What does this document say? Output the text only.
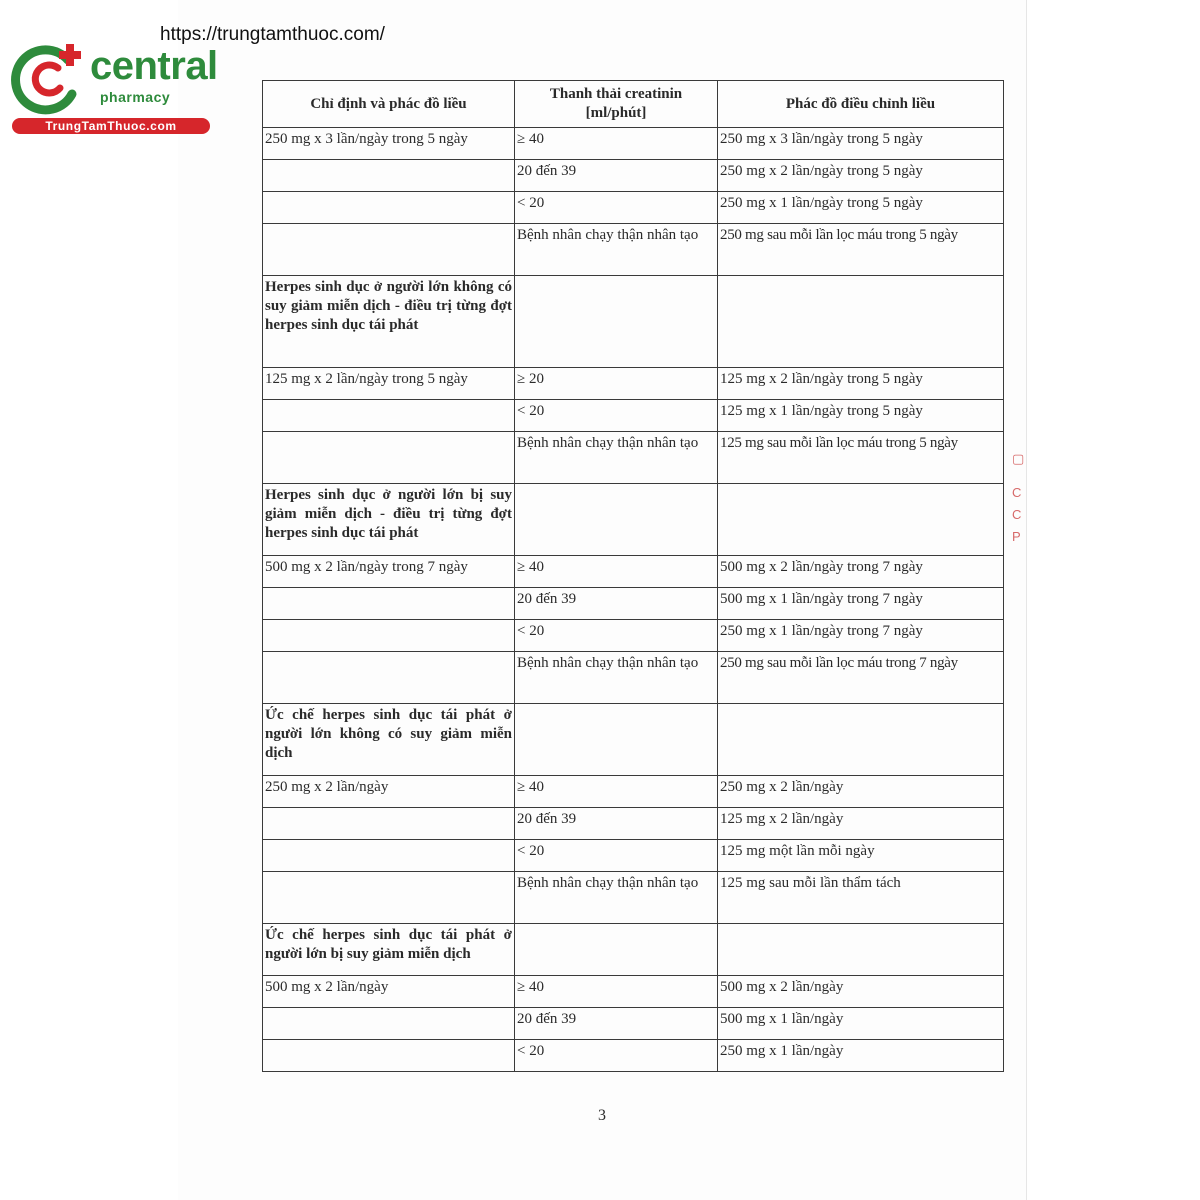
https://trungtamthuoc.com/
central
pharmacy
TrungTamThuoc.com
Chỉ định và phác đồ liều	Thanh thải creatinin [ml/phút]	Phác đồ điều chỉnh liều
250 mg x 3 lần/ngày trong 5 ngày	≥ 40	250 mg x 3 lần/ngày trong 5 ngày
	20 đến 39	250 mg x 2 lần/ngày trong 5 ngày
	< 20	250 mg x 1 lần/ngày trong 5 ngày
	Bệnh nhân chạy thận nhân tạo	250 mg sau mỗi lần lọc máu trong 5 ngày
Herpes sinh dục ở người lớn không có suy giảm miễn dịch - điều trị từng đợt herpes sinh dục tái phát		
125 mg x 2 lần/ngày trong 5 ngày	≥ 20	125 mg x 2 lần/ngày trong 5 ngày
	< 20	125 mg x 1 lần/ngày trong 5 ngày
	Bệnh nhân chạy thận nhân tạo	125 mg sau mỗi lần lọc máu trong 5 ngày
Herpes sinh dục ở người lớn bị suy giảm miễn dịch - điều trị từng đợt herpes sinh dục tái phát		
500 mg x 2 lần/ngày trong 7 ngày	≥ 40	500 mg x 2 lần/ngày trong 7 ngày
	20 đến 39	500 mg x 1 lần/ngày trong 7 ngày
	< 20	250 mg x 1 lần/ngày trong 7 ngày
	Bệnh nhân chạy thận nhân tạo	250 mg sau mỗi lần lọc máu trong 7 ngày
Ức chế herpes sinh dục tái phát ở người lớn không có suy giảm miễn dịch		
250 mg x 2 lần/ngày	≥ 40	250 mg x 2 lần/ngày
	20 đến 39	125 mg x 2 lần/ngày
	< 20	125 mg một lần mỗi ngày
	Bệnh nhân chạy thận nhân tạo	125 mg sau mỗi lần thẩm tách
Ức chế herpes sinh dục tái phát ở người lớn bị suy giảm miễn dịch		
500 mg x 2 lần/ngày	≥ 40	500 mg x 2 lần/ngày
	20 đến 39	500 mg x 1 lần/ngày
	< 20	250 mg x 1 lần/ngày
▢
C C P
3
